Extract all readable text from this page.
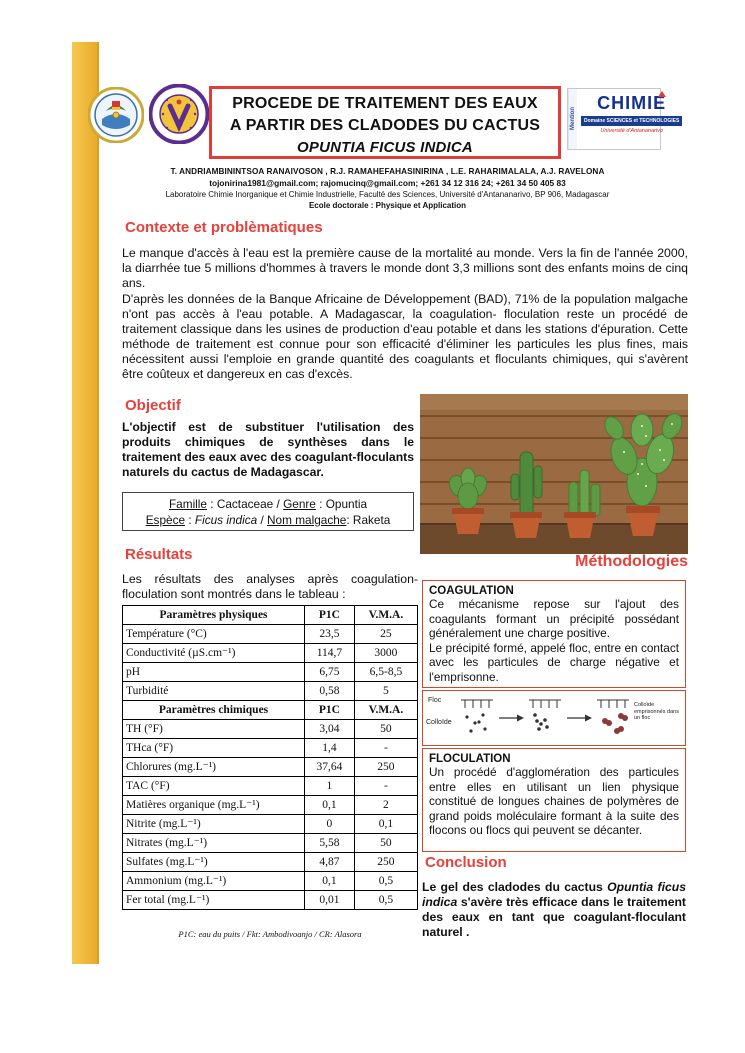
PROCEDE DE TRAITEMENT DES EAUX
A PARTIR DES CLADODES DU CACTUS
OPUNTIA FICUS INDICA
Mention
CHIMIE
Domaine SCIENCES et TECHNOLOGIES
Université d'Antananarivo
T. ANDRIAMBININTSOA RANAIVOSON , R.J. RAMAHEFAHASINIRINA , L.E. RAHARIMALALA, A.J. RAVELONA
tojonirina1981@gmail.com; rajomucinq@gmail.com; +261 34 12 316 24; +261 34 50 405 83
Laboratoire Chimie Inorganique et Chimie Industrielle, Faculté des Sciences, Université d'Antananarivo, BP 906, Madagascar
Ecole doctorale : Physique et Application
Contexte et problèmatiques
Le manque d'accès à l'eau est la première cause de la mortalité au monde. Vers la fin de l'année 2000, la diarrhée tue 5 millions d'hommes à travers le monde dont 3,3 millions sont des enfants moins de cinq ans.
D'après les données de la Banque Africaine de Développement (BAD), 71% de la population malgache n'ont pas accès à l'eau potable. A Madagascar, la coagulation- floculation reste un procédé de traitement classique dans les usines de production d'eau potable et dans les stations d'épuration. Cette méthode de traitement est connue pour son efficacité d'éliminer les particules les plus fines, mais nécessitent aussi l'emploie en grande quantité des coagulants et floculants chimiques, qui s'avèrent être coûteux et dangereux en cas d'excès.
Objectif
L'objectif est de substituer l'utilisation des produits chimiques de synthèses dans le traitement des eaux avec des coagulant-floculants naturels du cactus de Madagascar.
Famille : Cactaceae / Genre : Opuntia
Espèce : Ficus indica / Nom malgache: Raketa
Résultats
Les résultats des analyses après coagulation-floculation sont montrés dans le tableau :
Paramètres physiques	P1C	V.M.A.
Température (°C)	23,5	25
Conductivité (µS.cm⁻¹)	114,7	3000
pH	6,75	6,5-8,5
Turbidité	0,58	5
Paramètres chimiques	P1C	V.M.A.
TH (°F)	3,04	50
THca (°F)	1,4	-
Chlorures (mg.L⁻¹)	37,64	250
TAC (°F)	1	-
Matières organique (mg.L⁻¹)	0,1	2
Nitrite (mg.L⁻¹)	0	0,1
Nitrates (mg.L⁻¹)	5,58	50
Sulfates (mg.L⁻¹)	4,87	250
Ammonium (mg.L⁻¹)	0,1	0,5
Fer total (mg.L⁻¹)	0,01	0,5
P1C: eau du puits / Fkt: Ambodivoanjo / CR: Alasora
Méthodologies
COAGULATION
Ce mécanisme repose sur l'ajout des coagulants formant un précipité possédant généralement une charge positive.
Le précipité formé, appelé floc, entre en contact avec les particules de charge négative et l'emprisonne.
Floc
Colloïde
Colloïde emprisonnés dans un floc
FLOCULATION
Un procédé d'agglomération des particules entre elles en utilisant un lien physique constitué de longues chaines de polymères de grand poids moléculaire formant à la suite des flocons ou flocs qui peuvent se décanter.
Conclusion
Le gel des cladodes du cactus Opuntia ficus indica s'avère très efficace dans le traitement des eaux en tant que coagulant-floculant naturel .
